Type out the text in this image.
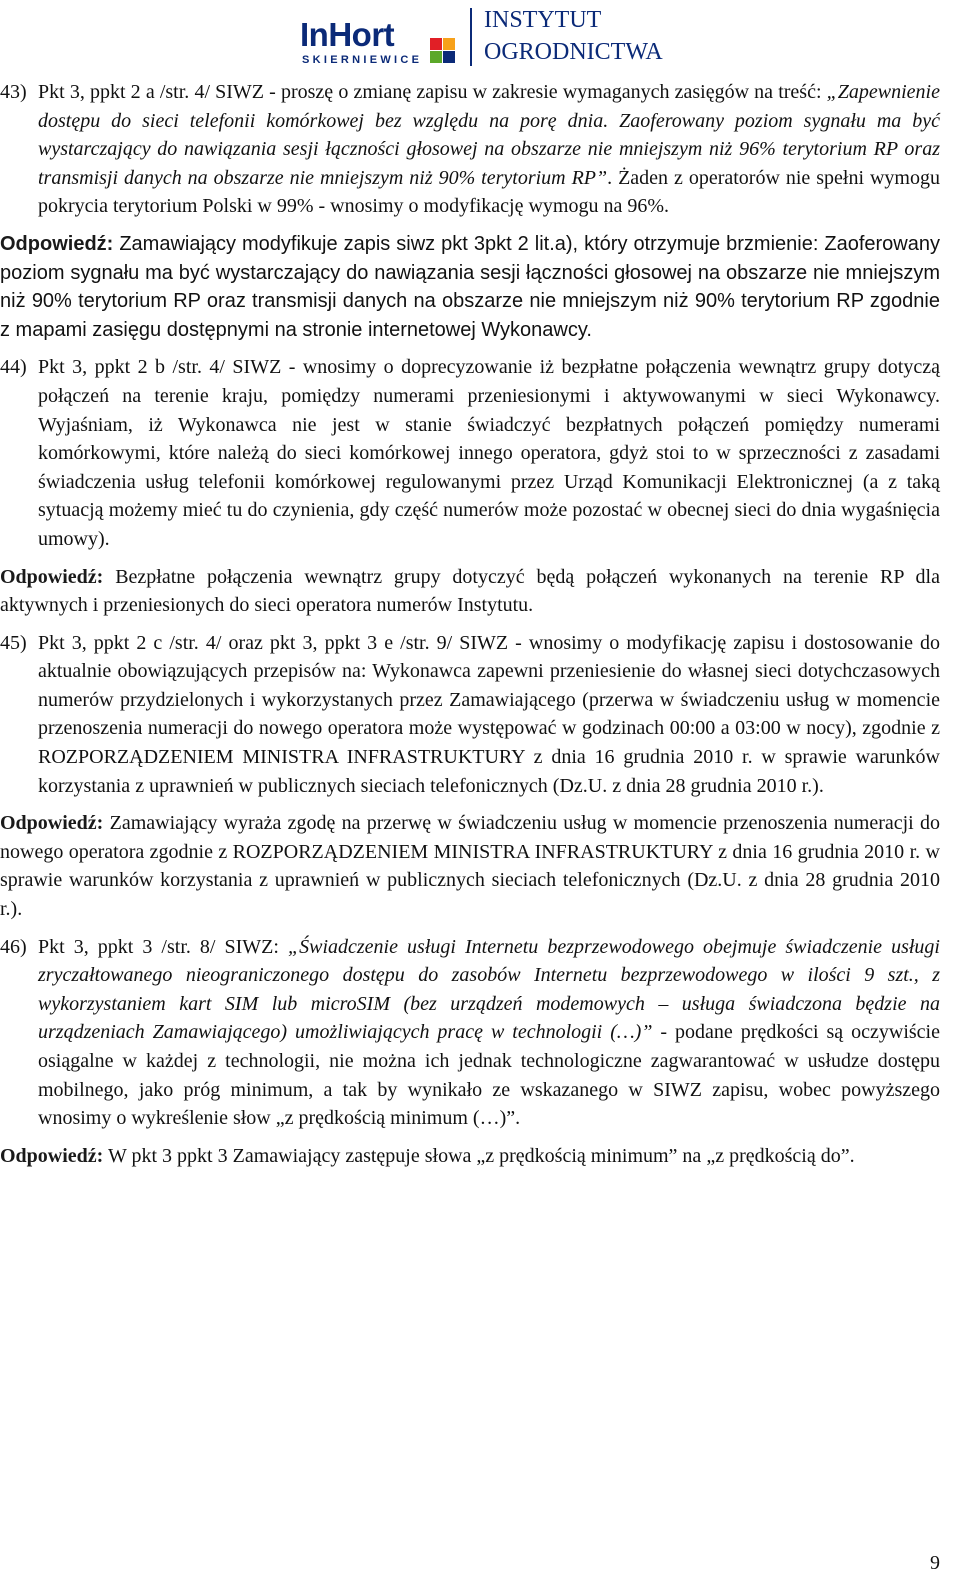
InHort
SKIERNIEWICE
INSTYTUT
OGRODNICTWA
43) Pkt 3, ppkt 2 a /str. 4/ SIWZ - proszę o zmianę zapisu w zakresie wymaganych zasięgów na treść: „Zapewnienie dostępu do sieci telefonii komórkowej bez względu na porę dnia. Zaoferowany poziom sygnału ma być wystarczający do nawiązania sesji łączności głosowej na obszarze nie mniejszym niż 96% terytorium RP oraz transmisji danych na obszarze nie mniejszym niż 90% terytorium RP”. Żaden z operatorów nie spełni wymogu pokrycia terytorium Polski w 99% - wnosimy o modyfikację wymogu na 96%.
Odpowiedź: Zamawiający modyfikuje zapis siwz pkt 3pkt 2 lit.a), który otrzymuje brzmienie: Zaoferowany poziom sygnału ma być wystarczający do nawiązania sesji łączności głosowej na obszarze nie mniejszym niż 90% terytorium RP oraz transmisji danych na obszarze nie mniejszym niż 90% terytorium RP zgodnie z mapami zasięgu dostępnymi na stronie internetowej Wykonawcy.
44) Pkt 3, ppkt 2 b /str. 4/ SIWZ - wnosimy o doprecyzowanie iż bezpłatne połączenia wewnątrz grupy dotyczą połączeń na terenie kraju, pomiędzy numerami przeniesionymi i aktywowanymi w sieci Wykonawcy. Wyjaśniam, iż Wykonawca nie jest w stanie świadczyć bezpłatnych połączeń pomiędzy numerami komórkowymi, które należą do sieci komórkowej innego operatora, gdyż stoi to w sprzeczności z zasadami świadczenia usług telefonii komórkowej regulowanymi przez Urząd Komunikacji Elektronicznej (a z taką sytuacją możemy mieć tu do czynienia, gdy część numerów może pozostać w obecnej sieci do dnia wygaśnięcia umowy).
Odpowiedź: Bezpłatne połączenia wewnątrz grupy dotyczyć będą połączeń wykonanych na terenie RP dla aktywnych i przeniesionych do sieci operatora numerów Instytutu.
45) Pkt 3, ppkt 2 c /str. 4/ oraz pkt 3, ppkt 3 e /str. 9/ SIWZ - wnosimy o modyfikację zapisu i dostosowanie do aktualnie obowiązujących przepisów na: Wykonawca zapewni przeniesienie do własnej sieci dotychczasowych numerów przydzielonych i wykorzystanych przez Zamawiającego (przerwa w świadczeniu usług w momencie przenoszenia numeracji do nowego operatora może występować w godzinach 00:00 a 03:00 w nocy), zgodnie z ROZPORZĄDZENIEM MINISTRA INFRASTRUKTURY z dnia 16 grudnia 2010 r. w sprawie warunków korzystania z uprawnień w publicznych sieciach telefonicznych (Dz.U. z dnia 28 grudnia 2010 r.).
Odpowiedź: Zamawiający wyraża zgodę na przerwę w świadczeniu usług w momencie przenoszenia numeracji do nowego operatora zgodnie z ROZPORZĄDZENIEM MINISTRA INFRASTRUKTURY z dnia 16 grudnia 2010 r. w sprawie warunków korzystania z uprawnień w publicznych sieciach telefonicznych (Dz.U. z dnia 28 grudnia 2010 r.).
46) Pkt 3, ppkt 3 /str. 8/ SIWZ: „Świadczenie usługi Internetu bezprzewodowego obejmuje świadczenie usługi zryczałtowanego nieograniczonego dostępu do zasobów Internetu bezprzewodowego w ilości 9 szt., z wykorzystaniem kart SIM lub microSIM (bez urządzeń modemowych – usługa świadczona będzie na urządzeniach Zamawiającego) umożliwiających pracę w technologii (…)” - podane prędkości są oczywiście osiągalne w każdej z technologii, nie można ich jednak technologiczne zagwarantować w usłudze dostępu mobilnego, jako próg minimum, a tak by wynikało ze wskazanego w SIWZ zapisu, wobec powyższego wnosimy o wykreślenie słow „z prędkością minimum (…)”.
Odpowiedź: W pkt 3 ppkt 3 Zamawiający zastępuje słowa „z prędkością minimum” na „z prędkością do”.
9
